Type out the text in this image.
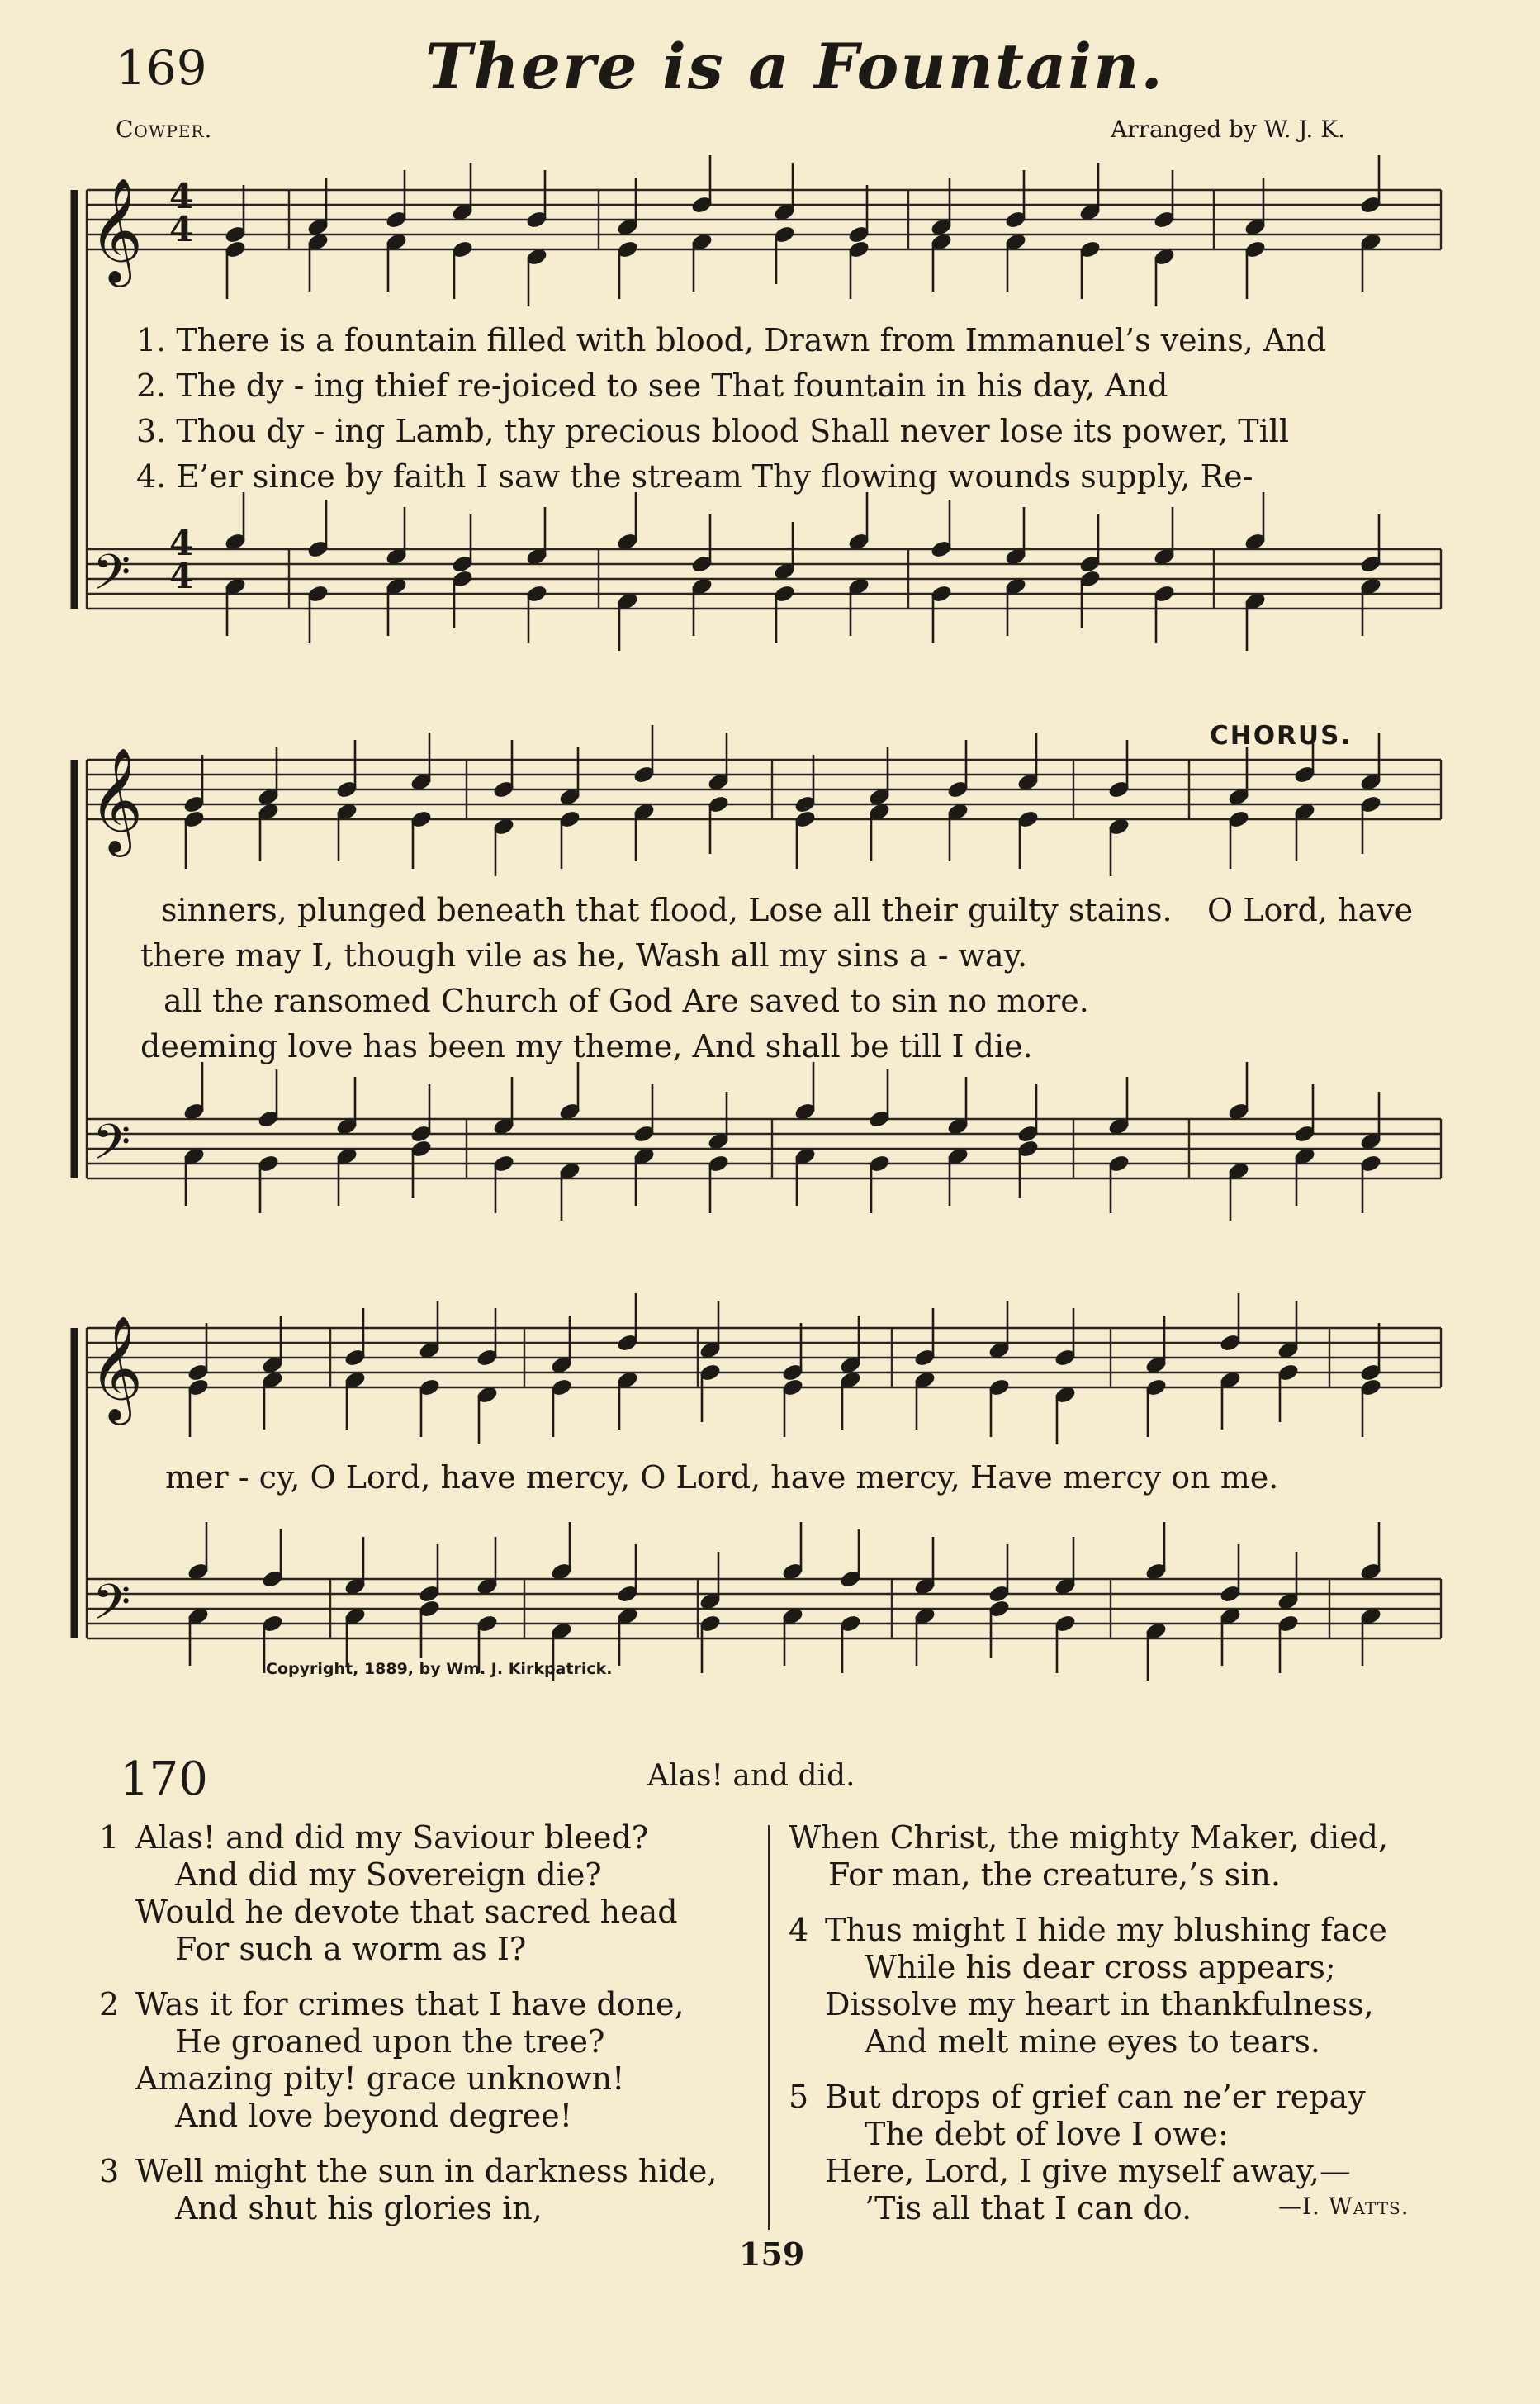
169	There is a Fountain.
Cowper.	Arranged by W. J. K.
𝄞
𝄢
𝄞
𝄢
𝄞
𝄢
4
4
4
4
1. There is a fountain filled with blood, Drawn from Immanuel’s veins, And
2. The dy - ing thief re-joiced to see That fountain in his day, And
3. Thou dy - ing Lamb, thy precious blood Shall never lose its power, Till
4. E’er since by faith I saw the stream Thy flowing wounds supply, Re-
CHORUS.
sinners, plunged beneath that flood, Lose all their guilty stains. O Lord, have
there may I, though vile as he, Wash all my sins a - way.
all the ransomed Church of God Are saved to sin no more.
deeming love has been my theme, And shall be till I die.
mer - cy, O Lord, have mercy, O Lord, have mercy, Have mercy on me.
Copyright, 1889, by Wm. J. Kirkpatrick.
170	Alas! and did.
1 Alas! and did my Saviour bleed?
And did my Sovereign die?
Would he devote that sacred head
For such a worm as I?
2 Was it for crimes that I have done,
He groaned upon the tree?
Amazing pity! grace unknown!
And love beyond degree!
3 Well might the sun in darkness hide,
And shut his glories in,
When Christ, the mighty Maker, died,
For man, the creature,’s sin.
4 Thus might I hide my blushing face
While his dear cross appears;
Dissolve my heart in thankfulness,
And melt mine eyes to tears.
5 But drops of grief can ne’er repay
The debt of love I owe:
Here, Lord, I give myself away,—
’Tis all that I can do.	—I. Watts.
159
